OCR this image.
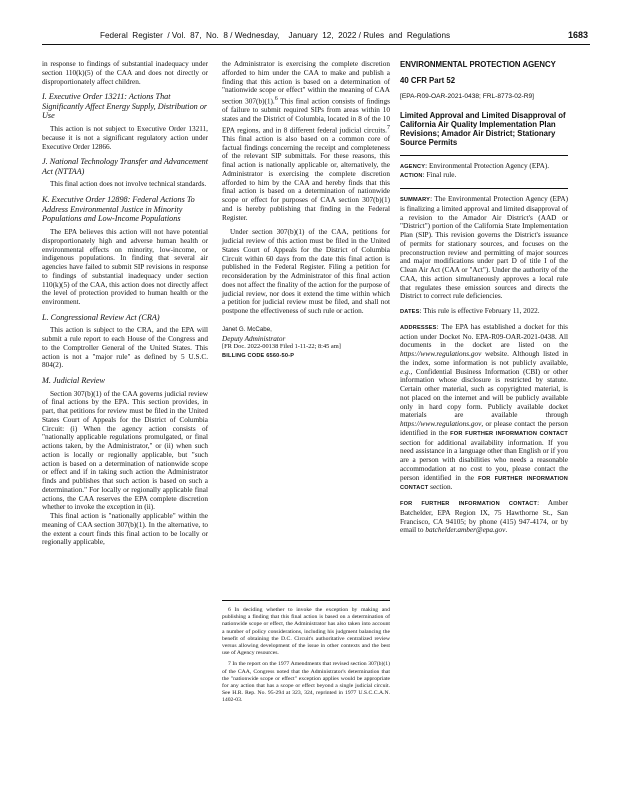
Federal  Register  / Vol.  87,  No.  8 / Wednesday,    January  12,  2022 / Rules  and  Regulations	1683

in response to findings of substantial inadequacy under section 110(k)(5) of the CAA and does not directly or disproportionately affect children.

I. Executive Order 13211: Actions That Significantly Affect Energy Supply, Distribution or Use

This action is not subject to Executive Order 13211, because it is not a significant regulatory action under Executive Order 12866.

J. National Technology Transfer and Advancement Act (NTTAA)

This final action does not involve technical standards.

K. Executive Order 12898: Federal Actions To Address Environmental Justice in Minority Populations and Low-Income Populations

The EPA believes this action will not have potential disproportionately high and adverse human health or environmental effects on minority, low-income, or indigenous populations. In finding that several air agencies have failed to submit SIP revisions in response to findings of substantial inadequacy under section 110(k)(5) of the CAA, this action does not directly affect the level of protection provided to human health or the environment.

L. Congressional Review Act (CRA)

This action is subject to the CRA, and the EPA will submit a rule report to each House of the Congress and to the Comptroller General of the United States. This action is not a "major rule" as defined by 5 U.S.C. 804(2).

M. Judicial Review

Section 307(b)(1) of the CAA governs judicial review of final actions by the EPA. This section provides, in part, that petitions for review must be filed in the United States Court of Appeals for the District of Columbia Circuit: (i) When the agency action consists of "nationally applicable regulations promulgated, or final actions taken, by the Administrator," or (ii) when such action is locally or regionally applicable, but "such action is based on a determination of nationwide scope or effect and if in taking such action the Administrator finds and publishes that such action is based on such a determination." For locally or regionally applicable final actions, the CAA reserves the EPA complete discretion whether to invoke the exception in (ii).

This final action is "nationally applicable" within the meaning of CAA section 307(b)(1). In the alternative, to the extent a court finds this final action to be locally or regionally applicable,

the Administrator is exercising the complete discretion afforded to him under the CAA to make and publish a finding that this action is based on a determination of "nationwide scope or effect" within the meaning of CAA section 307(b)(1).$^6$ This final action consists of findings of failure to submit required SIPs from areas within 10 states and the District of Columbia, located in 8 of the 10 EPA regions, and in 8 different federal judicial circuits.$^7$ This final action is also based on a common core of factual findings concerning the receipt and completeness of the relevant SIP submittals. For these reasons, this final action is nationally applicable or, alternatively, the Administrator is exercising the complete discretion afforded to him by the CAA and hereby finds that this final action is based on a determination of nationwide scope or effect for purposes of CAA section 307(b)(1) and is hereby publishing that finding in the Federal Register.

Under section 307(b)(1) of the CAA, petitions for judicial review of this action must be filed in the United States Court of Appeals for the District of Columbia Circuit within 60 days from the date this final action is published in the Federal Register. Filing a petition for reconsideration by the Administrator of this final action does not affect the finality of the action for the purpose of judicial review, nor does it extend the time within which a petition for judicial review must be filed, and shall not postpone the effectiveness of such rule or action.

Janet G. McCabe,
Deputy Administrator
[FR Doc. 2022-00138 Filed 1-11-22; 8:45 am]
BILLING CODE 6560-50-P

6 In deciding whether to invoke the exception by making and publishing a finding that this final action is based on a determination of nationwide scope or effect, the Administrator has also taken into account a number of policy considerations, including his judgment balancing the benefit of obtaining the D.C. Circuit's authoritative centralized review versus allowing development of the issue in other contexts and the best use of Agency resources.

7 In the report on the 1977 Amendments that revised section 307(b)(1) of the CAA, Congress noted that the Administrator's determination that the "nationwide scope or effect" exception applies would be appropriate for any action that has a scope or effect beyond a single judicial circuit. See H.R. Rep. No. 95-294 at 323, 324, reprinted in 1977 U.S.C.C.A.N. 1402-03.

ENVIRONMENTAL PROTECTION AGENCY
40 CFR Part 52
[EPA-R09-OAR-2021-0438; FRL-8773-02-R9]
Limited Approval and Limited Disapproval of California Air Quality Implementation Plan Revisions; Amador Air District; Stationary Source Permits

AGENCY: Environmental Protection Agency (EPA).

ACTION: Final rule.

SUMMARY: The Environmental Protection Agency (EPA) is finalizing a limited approval and limited disapproval of a revision to the Amador Air District's (AAD or "District") portion of the California State Implementation Plan (SIP). This revision governs the District's issuance of permits for stationary sources, and focuses on the preconstruction review and permitting of major sources and major modifications under part D of title I of the Clean Air Act (CAA or "Act"). Under the authority of the CAA, this action simultaneously approves a local rule that regulates these emission sources and directs the District to correct rule deficiencies.

DATES: This rule is effective February 11, 2022.

ADDRESSES: The EPA has established a docket for this action under Docket No. EPA-R09-OAR-2021-0438. All documents in the docket are listed on the https://www.regulations.gov website. Although listed in the index, some information is not publicly available, e.g., Confidential Business Information (CBI) or other information whose disclosure is restricted by statute. Certain other material, such as copyrighted material, is not placed on the internet and will be publicly available only in hard copy form. Publicly available docket materials are available through https://www.regulations.gov, or please contact the person identified in the FOR FURTHER INFORMATION CONTACT section for additional availability information. If you need assistance in a language other than English or if you are a person with disabilities who needs a reasonable accommodation at no cost to you, please contact the person identified in the FOR FURTHER INFORMATION CONTACT section.

FOR FURTHER INFORMATION CONTACT: Amber Batchelder, EPA Region IX, 75 Hawthorne St., San Francisco, CA 94105; by phone (415) 947-4174, or by email to batchelder.amber@epa.gov.
